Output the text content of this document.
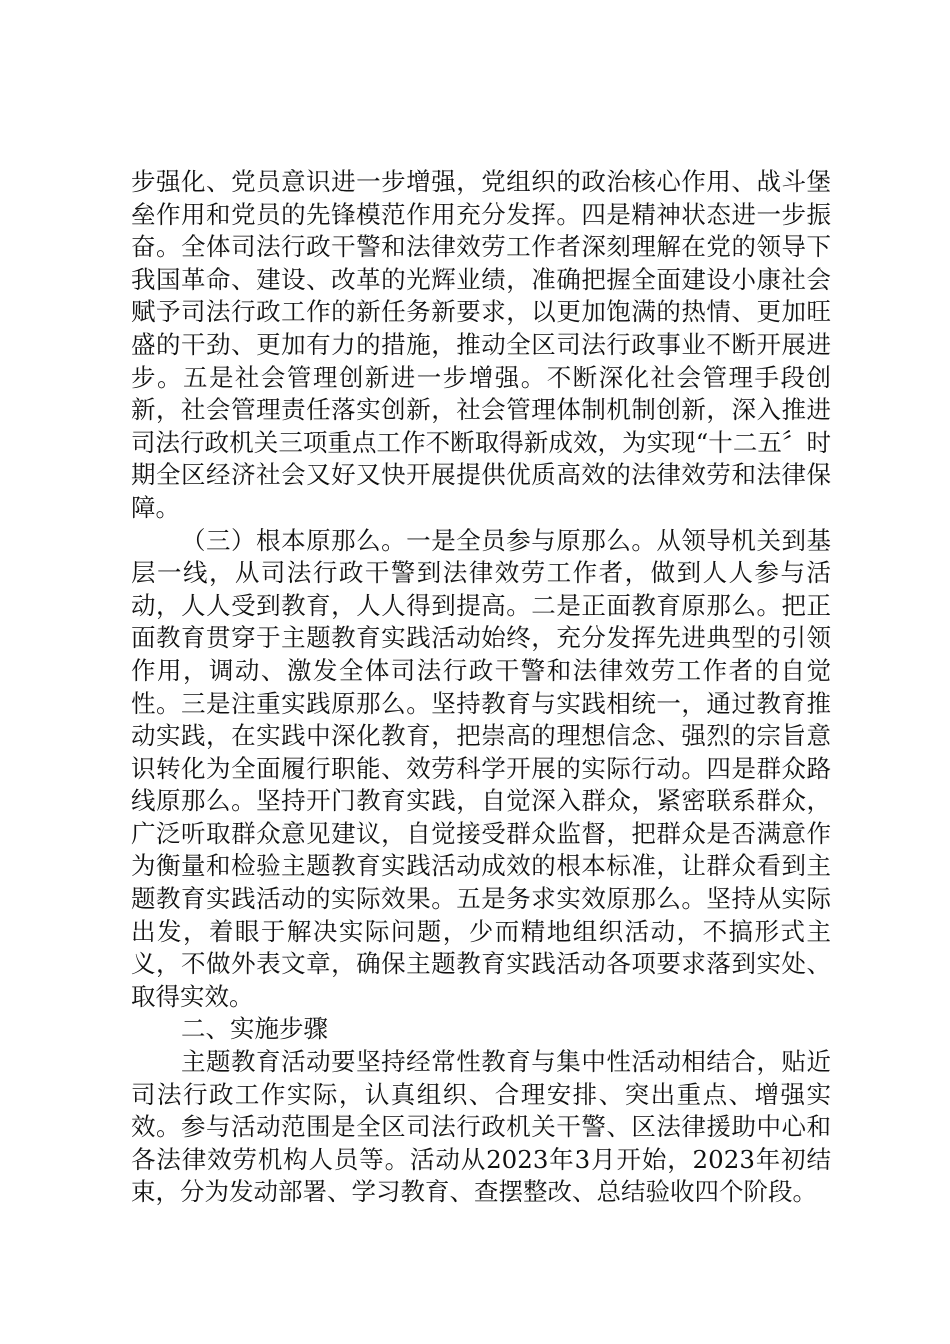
步强化、党员意识进一步增强，党组织的政治核心作用、战斗堡垒作用和党员的先锋模范作用充分发挥。四是精神状态进一步振奋。全体司法行政干警和法律效劳工作者深刻理解在党的领导下我国革命、建设、改革的光辉业绩，准确把握全面建设小康社会赋予司法行政工作的新任务新要求，以更加饱满的热情、更加旺盛的干劲、更加有力的措施，推动全区司法行政事业不断开展进步。五是社会管理创新进一步增强。不断深化社会管理手段创新，社会管理责任落实创新，社会管理体制机制创新，深入推进司法行政机关三项重点工作不断取得新成效，为实现“十二五〞时期全区经济社会又好又快开展提供优质高效的法律效劳和法律保障。

（三）根本原那么。一是全员参与原那么。从领导机关到基层一线，从司法行政干警到法律效劳工作者，做到人人参与活动，人人受到教育，人人得到提高。二是正面教育原那么。把正面教育贯穿于主题教育实践活动始终，充分发挥先进典型的引领作用，调动、激发全体司法行政干警和法律效劳工作者的自觉性。三是注重实践原那么。坚持教育与实践相统一，通过教育推动实践，在实践中深化教育，把崇高的理想信念、强烈的宗旨意识转化为全面履行职能、效劳科学开展的实际行动。四是群众路线原那么。坚持开门教育实践，自觉深入群众，紧密联系群众，广泛听取群众意见建议，自觉接受群众监督，把群众是否满意作为衡量和检验主题教育实践活动成效的根本标准，让群众看到主题教育实践活动的实际效果。五是务求实效原那么。坚持从实际出发，着眼于解决实际问题，少而精地组织活动，不搞形式主义，不做外表文章，确保主题教育实践活动各项要求落到实处、取得实效。

二、实施步骤

主题教育活动要坚持经常性教育与集中性活动相结合，贴近司法行政工作实际，认真组织、合理安排、突出重点、增强实效。参与活动范围是全区司法行政机关干警、区法律援助中心和各法律效劳机构人员等。活动从2023年3月开始，2023年初结束，分为发动部署、学习教育、查摆整改、总结验收四个阶段。
